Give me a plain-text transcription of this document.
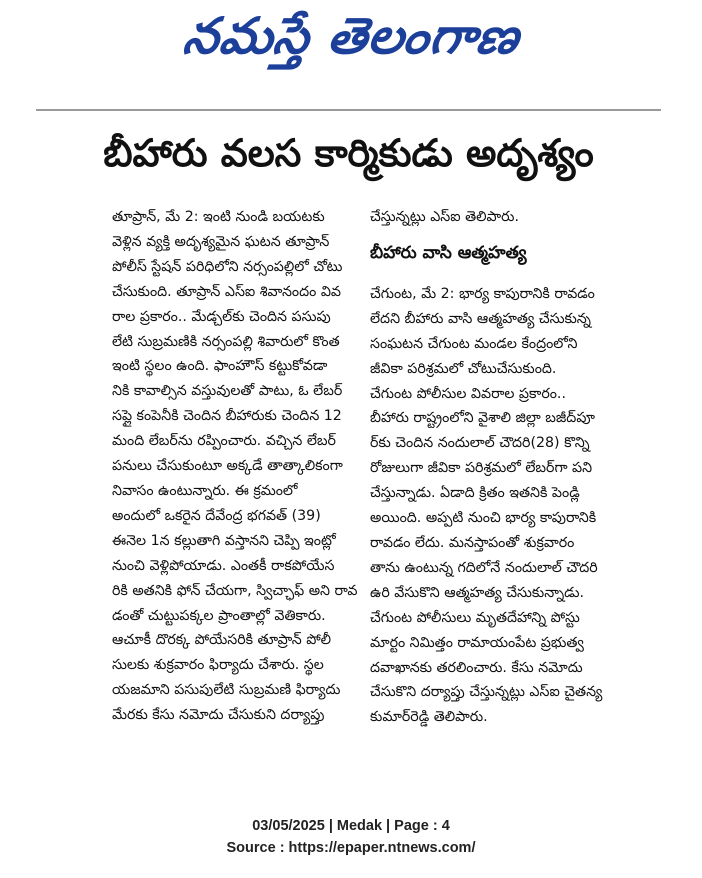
నమస్తే తెలంగాణ
బీహారు వలస కార్మికుడు అదృశ్యం
తూప్రాన్, మే 2: ఇంటి నుండి బయటకు
వెళ్లిన వ్యక్తి అదృశ్యమైన ఘటన తూప్రాన్
పోలీస్ స్టేషన్ పరిధిలోని నర్సంపల్లిలో చోటు
చేసుకుంది. తూప్రాన్ ఎస్ఐ శివానందం వివ
రాల ప్రకారం.. మేడ్చల్‌కు చెందిన పసుపు
లేటి సుబ్రమణికి నర్సంపల్లి శివారులో కొంత
ఇంటి స్థలం ఉంది. ఫాంహౌస్ కట్టుకోవడా
నికి కావాల్సిన వస్తువులతో పాటు, ఓ లేబర్
సప్లై కంపెనీకి చెందిన బీహారుకు చెందిన 12
మంది లేబర్‌ను రప్పించారు. వచ్చిన లేబర్
పనులు చేసుకుంటూ అక్కడే తాత్కాలికంగా
నివాసం ఉంటున్నారు. ఈ క్రమంలో
అందులో ఒకరైన దేవేంద్ర భగవత్ (39)
ఈనెల 1న కల్లుతాగి వస్తానని చెప్పి ఇంట్లో
నుంచి వెళ్లిపోయాడు. ఎంతకీ రాకపోయేస
రికి అతనికి ఫోన్ చేయగా, స్విచ్ఛాఫ్ అని రావ
డంతో చుట్టుపక్కల ప్రాంతాల్లో వెతికారు.
ఆచూకీ దొరక్క పోయేసరికి తూప్రాన్ పోలీ
సులకు శుక్రవారం ఫిర్యాదు చేశారు. స్థల
యజమాని పసుపులేటి సుబ్రమణి ఫిర్యాదు
మేరకు కేసు నమోదు చేసుకుని దర్యాప్తు
చేస్తున్నట్లు ఎస్ఐ తెలిపారు.
బీహారు వాసి ఆత్మహత్య
చేగుంట, మే 2: భార్య కాపురానికి రావడం
లేదని బీహారు వాసి ఆత్మహత్య చేసుకున్న
సంఘటన చేగుంట మండల కేంద్రంలోని
జీవికా పరిశ్రమలో చోటుచేసుకుంది.
చేగుంట పోలీసుల వివరాల ప్రకారం..
బీహారు రాష్ట్రంలోని వైశాలి జిల్లా బజీద్‌పూ
ర్‌కు చెందిన నందులాల్ చౌదరి(28) కొన్ని
రోజులుగా జీవికా పరిశ్రమలో లేబర్‌గా పని
చేస్తున్నాడు. ఏడాది క్రితం ఇతనికి పెండ్లి
అయింది. అప్పటి నుంచి భార్య కాపురానికి
రావడం లేదు. మనస్తాపంతో శుక్రవారం
తాను ఉంటున్న గదిలోనే నందులాల్ చౌదరి
ఉరి వేసుకొని ఆత్మహత్య చేసుకున్నాడు.
చేగుంట పోలీసులు మృతదేహాన్ని పోస్టు
మార్టం నిమిత్తం రామాయంపేట ప్రభుత్వ
దవాఖానకు తరలించారు. కేసు నమోదు
చేసుకొని దర్యాప్తు చేస్తున్నట్లు ఎస్ఐ చైతన్య
కుమార్‌రెడ్డి తెలిపారు.
03/05/2025 | Medak | Page : 4
Source : https://epaper.ntnews.com/
